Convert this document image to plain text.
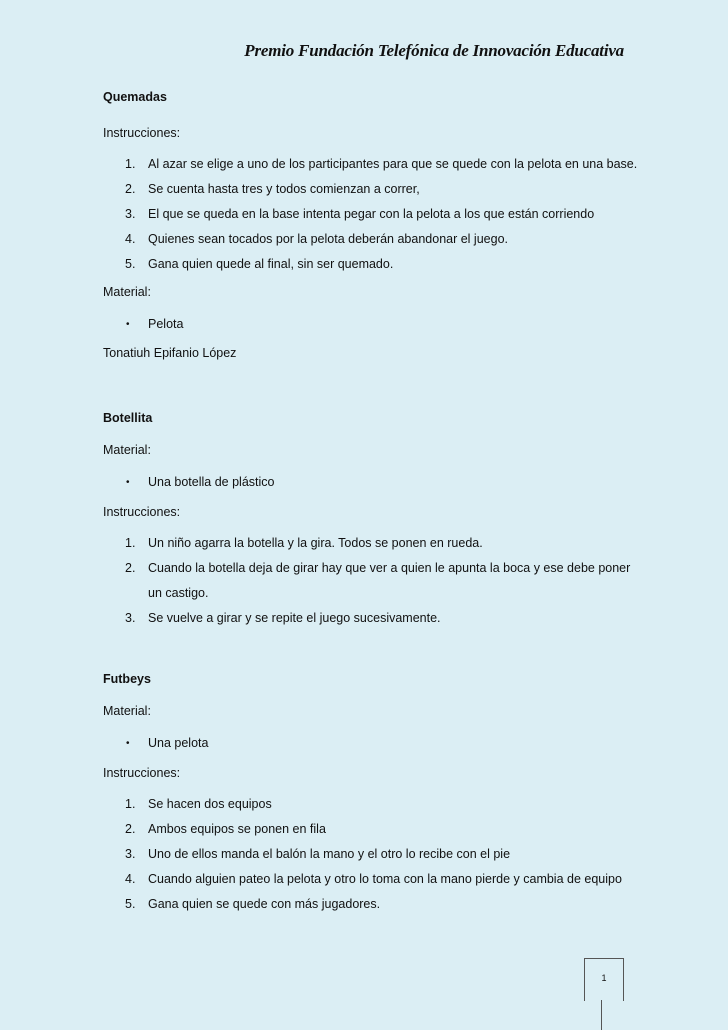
Premio Fundación Telefónica de Innovación Educativa
Quemadas
Instrucciones:
1.	Al azar se elige a uno de los participantes para que se quede con la pelota en una base.
2.	Se cuenta hasta tres y todos comienzan a correr,
3.	El que se queda en la base intenta pegar con la pelota a los que están corriendo
4.	Quienes sean tocados por la pelota deberán abandonar el juego.
5.	Gana quien quede al final, sin ser quemado.
Material:
•	Pelota
Tonatiuh Epifanio López
Botellita
Material:
•	Una botella de plástico
Instrucciones:
1.	Un niño agarra la botella y la gira. Todos se ponen en rueda.
2.	Cuando la botella deja de girar hay que ver a quien le apunta la boca y ese debe poner un castigo.
3.	Se vuelve a girar y se repite el juego sucesivamente.
Futbeys
Material:
•	Una pelota
Instrucciones:
1.	Se hacen dos equipos
2.	Ambos equipos se ponen en fila
3.	Uno de ellos manda el balón la mano y el otro lo recibe con el pie
4.	Cuando alguien pateo la pelota y otro lo toma con la mano pierde y cambia de equipo
5.	Gana quien se quede con más jugadores.
1
